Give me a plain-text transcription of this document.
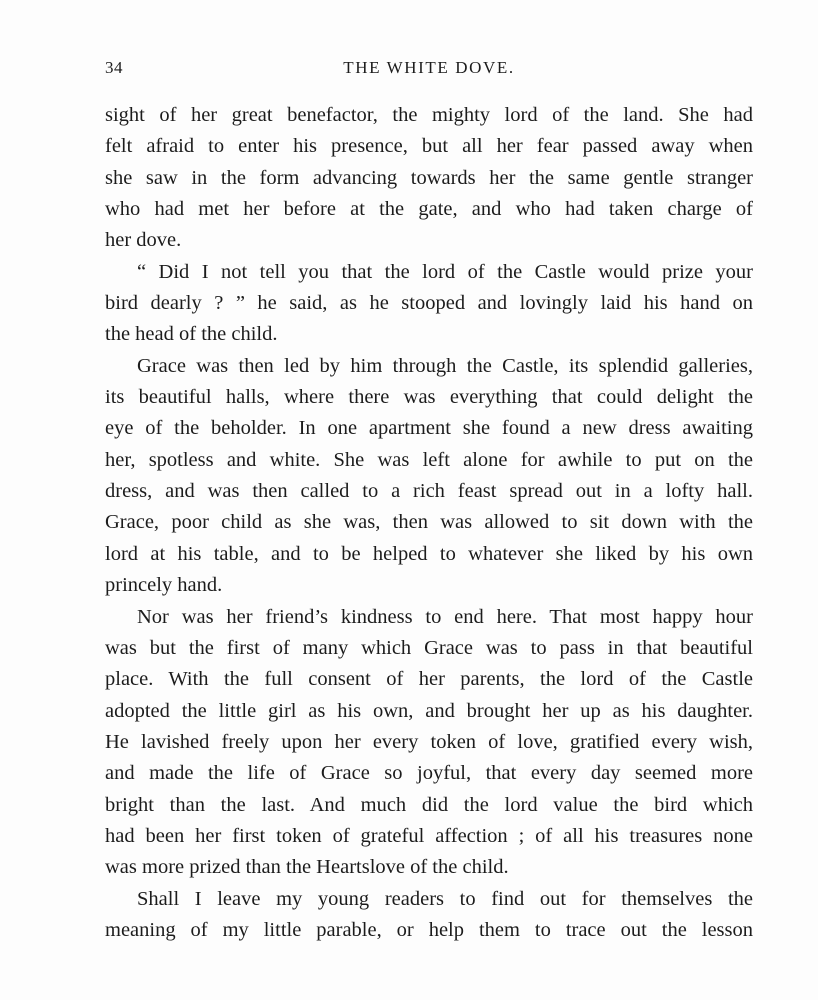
34	THE WHITE DOVE.
sight of her great benefactor, the mighty lord of the land. She had
felt afraid to enter his presence, but all her fear passed away when
she saw in the form advancing towards her the same gentle stranger
who had met her before at the gate, and who had taken charge of
her dove.
“ Did I not tell you that the lord of the Castle would prize your
bird dearly ? ” he said, as he stooped and lovingly laid his hand on
the head of the child.
Grace was then led by him through the Castle, its splendid galleries,
its beautiful halls, where there was everything that could delight the
eye of the beholder. In one apartment she found a new dress awaiting
her, spotless and white. She was left alone for awhile to put on the
dress, and was then called to a rich feast spread out in a lofty hall.
Grace, poor child as she was, then was allowed to sit down with the
lord at his table, and to be helped to whatever she liked by his own
princely hand.
Nor was her friend’s kindness to end here. That most happy hour
was but the first of many which Grace was to pass in that beautiful
place. With the full consent of her parents, the lord of the Castle
adopted the little girl as his own, and brought her up as his daughter.
He lavished freely upon her every token of love, gratified every wish,
and made the life of Grace so joyful, that every day seemed more
bright than the last. And much did the lord value the bird which
had been her first token of grateful affection ; of all his treasures none
was more prized than the Heartslove of the child.
Shall I leave my young readers to find out for themselves the
meaning of my little parable, or help them to trace out the lesson
